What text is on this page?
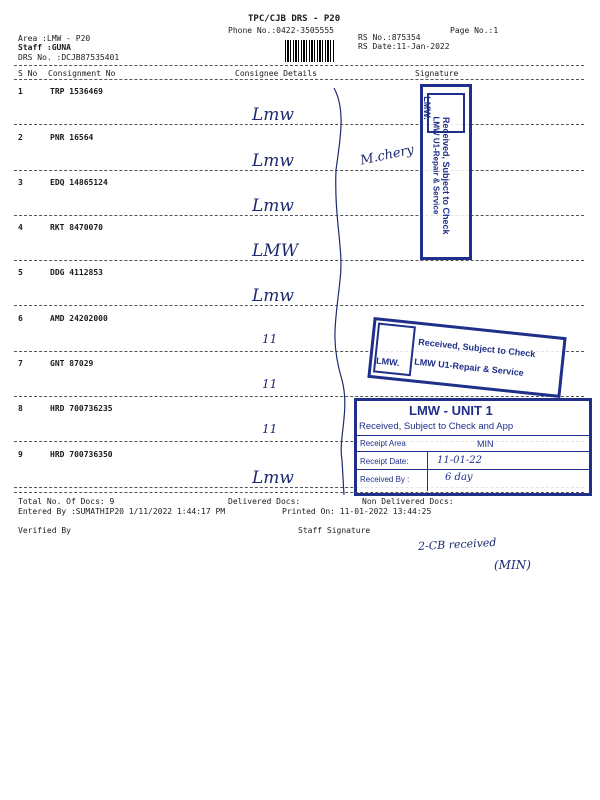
TPC/CJB DRS - P20
Phone No.:0422-3505555	Page No.:1
Area :LMW - P20
Staff :GUNA
DRS No. :DCJB87535401
RS No.:875354
RS Date:11-Jan-2022
S No Consignment No	Consignee Details	Signature
1	TRP 1536469
Lmw
2	PNR 16564
Lmw
3	EDQ 14865124
Lmw
4	RKT 8470070
LMW
5	DDG 4112853
Lmw
6	AMD 24202000
11
7	GNT 87029
11
8	HRD 700736235
11
9	HRD 700736350
Lmw
Received, Subject to Check
LMW U1-Repair & Service
LMW.
LMW.
Received, Subject to Check
LMW U1-Repair & Service
LMW - UNIT 1
Received, Subject to Check and App
Receipt Area	MIN
Receipt Date:	11-01-22
Received By :	6 day
M.chery
Total No. Of Docs: 9	Delivered Docs:	Non Delivered Docs:
Entered By :SUMATHIP20 1/11/2022 1:44:17 PM	Printed On: 11-01-2022 13:44:25
Verified By	Staff Signature
2-CB received
(MIN)
